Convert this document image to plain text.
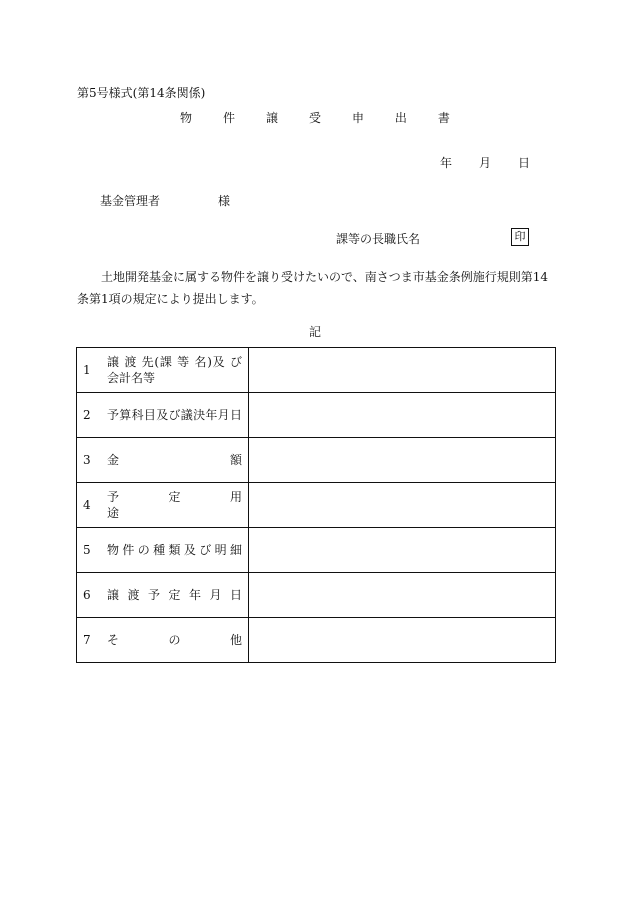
第5号様式(第14条関係)
物	件	譲	受	申	出	書
年 月 日
基金管理者	様
課等の長職氏名	印
土地開発基金に属する物件を譲り受けたいので、南さつま市基金条例施行規則第14条第1項の規定により提出します。
記
1
譲 渡 先(課 等 名)及 び会計名等	

2 予算科目及び議決年月日	

3 金　　　　　　　　　額	

4
予　　　定　　　用　　　途	

5 物件の種類及び明細	

6 譲渡予定年月日	

7 そ　　　の　　　他	
